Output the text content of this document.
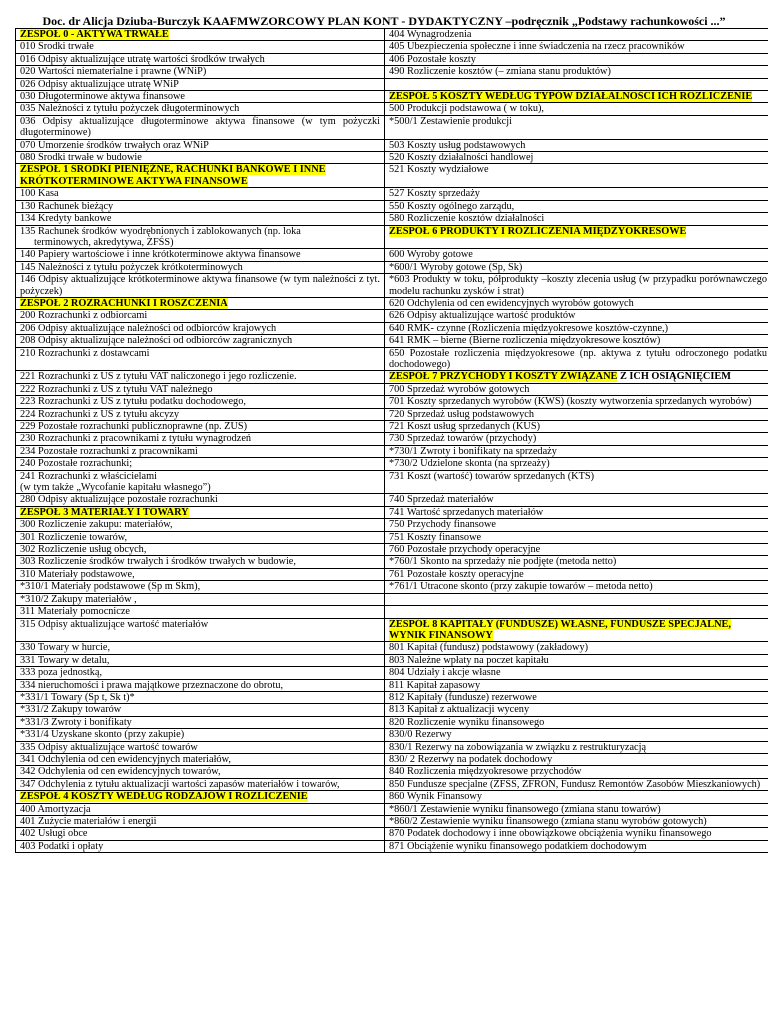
Doc. dr Alicja Dziuba-Burczyk KAAFMWZORCOWY PLAN KONT - DYDAKTYCZNY –podręcznik „Podstawy rachunkowości ...”
ZESPÓŁ 0 - AKTYWA TRWAŁE	404 Wynagrodzenia
010 Środki trwałe	405 Ubezpieczenia społeczne i inne świadczenia na rzecz pracowników
016 Odpisy aktualizujące utratę wartości środków trwałych	406 Pozostałe koszty
020 Wartości niematerialne i prawne (WNiP)	490 Rozliczenie kosztów (– zmiana stanu produktów)
026 Odpisy aktualizujące utratę WNiP	
030 Długoterminowe aktywa finansowe	ZESPÓŁ 5 KOSZTY WEDŁUG TYPÓW DZIAŁALNOŚCI ICH ROZLICZENIE
035 Należności z tytułu pożyczek długoterminowych	500 Produkcji podstawowa ( w toku),
036 Odpisy aktualizujące długoterminowe aktywa finansowe (w tym pożyczki długoterminowe)	*500/1 Zestawienie produkcji
070 Umorzenie środków trwałych oraz WNiP	503 Koszty usług podstawowych
080 Środki trwałe w budowie	520 Koszty działalności handlowej
ZESPÓŁ 1 ŚRODKI PIENIĘŻNE, RACHUNKI BANKOWE I INNE KRÓTKOTERMINOWE AKTYWA FINANSOWE	521 Koszty wydziałowe
100 Kasa	527 Koszty sprzedaży
130 Rachunek bieżący	550 Koszty ogólnego zarządu,
134 Kredyty bankowe	580 Rozliczenie kosztów działalności
135 Rachunek środków wyodrębnionych i zablokowanych (np. loka
terminowych, akredytywa, ZFŚS)	ZESPÓŁ 6 PRODUKTY I ROZLICZENIA MIĘDZYOKRESOWE
140 Papiery wartościowe i inne krótkoterminowe aktywa finansowe	600 Wyroby gotowe
145 Należności z tytułu pożyczek krótkoterminowych	*600/1 Wyroby gotowe (Sp, Sk)
146 Odpisy aktualizujące krótkoterminowe aktywa finansowe (w tym należności z tyt. pożyczek)	*603 Produkty w toku, półprodukty –koszty zlecenia usług (w przypadku porównawczego modelu rachunku zysków i strat)
ZESPÓŁ 2 ROZRACHUNKI I ROSZCZENIA	620 Odchylenia od cen ewidencyjnych wyrobów gotowych
200 Rozrachunki z odbiorcami	626 Odpisy aktualizujące wartość produktów
206 Odpisy aktualizujące należności od odbiorców krajowych	640 RMK- czynne (Rozliczenia międzyokresowe kosztów-czynne,)
208 Odpisy aktualizujące należności od odbiorców zagranicznych	641 RMK – bierne (Bierne rozliczenia międzyokresowe kosztów)
210 Rozrachunki z dostawcami	650 Pozostałe rozliczenia międzyokresowe (np. aktywa z tytułu odroczonego podatku dochodowego)
221 Rozrachunki z US z tytułu VAT naliczonego i jego rozliczenie.	ZESPÓŁ 7 PRZYCHODY I KOSZTY ZWIĄZANE Z ICH OSIĄGNIĘCIEM
222 Rozrachunki z US z tytułu VAT należnego	700 Sprzedaż wyrobów gotowych
223 Rozrachunki z US z tytułu podatku dochodowego,	701 Koszty sprzedanych wyrobów (KWS) (koszty wytworzenia sprzedanych wyrobów)
224 Rozrachunki z US z tytułu akcyzy	720 Sprzedaż usług podstawowych
229 Pozostałe rozrachunki publicznoprawne (np. ZUS)	721 Koszt usług sprzedanych (KUS)
230 Rozrachunki z pracownikami z tytułu wynagrodzeń	730 Sprzedaż towarów (przychody)
234 Pozostałe rozrachunki z pracownikami	*730/1 Zwroty i bonifikaty na sprzedaży
240 Pozostałe rozrachunki;	*730/2 Udzielone skonta (na sprzeaży)
241 Rozrachunki z właścicielami
(w tym także „Wycofanie kapitału własnego”)	731 Koszt (wartość) towarów sprzedanych (KTS)
280 Odpisy aktualizujące pozostałe rozrachunki	740 Sprzedaż materiałów
ZESPÓŁ 3 MATERIAŁY I TOWARY	741 Wartość sprzedanych materiałów
300 Rozliczenie zakupu: materiałów,	750 Przychody finansowe
301 Rozliczenie towarów,	751 Koszty finansowe
302 Rozliczenie usług obcych,	760 Pozostałe przychody operacyjne
303 Rozliczenie środków trwałych i środków trwałych w budowie,	*760/1 Skonto na sprzedaży nie podjęte (metoda netto)
310 Materiały podstawowe,	761 Pozostałe koszty operacyjne
*310/1 Materiały podstawowe (Sp m Skm),	*761/1 Utracone skonto (przy zakupie towarów – metoda netto)
*310/2 Zakupy materiałów ,	
311 Materiały pomocnicze	
315 Odpisy aktualizujące wartość materiałów	ZESPÓŁ 8 KAPITAŁY (FUNDUSZE) WŁASNE, FUNDUSZE SPECJALNE, WYNIK FINANSOWY
330 Towary w hurcie,	801 Kapitał (fundusz) podstawowy (zakładowy)
331 Towary w detalu,	803 Należne wpłaty na poczet kapitału
333 poza jednostką,	804 Udziały i akcje własne
334 nieruchomości i prawa majątkowe przeznaczone do obrotu,	811 Kapitał zapasowy
*331/1 Towary (Sp t, Sk t)*	812 Kapitały (fundusze) rezerwowe
*331/2 Zakupy towarów	813 Kapitał z aktualizacji wyceny
*331/3 Zwroty i bonifikaty	820 Rozliczenie wyniku finansowego
*331/4 Uzyskane skonto (przy zakupie)	830/0 Rezerwy
335 Odpisy aktualizujące wartość towarów	830/1 Rezerwy na zobowiązania w związku z restrukturyzacją
341 Odchylenia od cen ewidencyjnych materiałów,	830/ 2 Rezerwy na podatek dochodowy
342 Odchylenia od cen ewidencyjnych towarów,	840 Rozliczenia międzyokresowe przychodów
347 Odchylenia z tytułu aktualizacji wartości zapasów materiałów i towarów,	850 Fundusze specjalne (ZFŚS, ZFRON, Fundusz Remontów Zasobów Mieszkaniowych)
ZESPÓŁ 4 KOSZTY WEDŁUG RODZAJÓW I ROZLICZENIE	860 Wynik Finansowy
400 Amortyzacja	*860/1 Zestawienie wyniku finansowego (zmiana stanu towarów)
401 Zużycie materiałów i energii	*860/2 Zestawienie wyniku finansowego (zmiana stanu wyrobów gotowych)
402 Usługi obce	870 Podatek dochodowy i inne obowiązkowe obciążenia wyniku finansowego
403 Podatki i opłaty	871 Obciążenie wyniku finansowego podatkiem dochodowym
